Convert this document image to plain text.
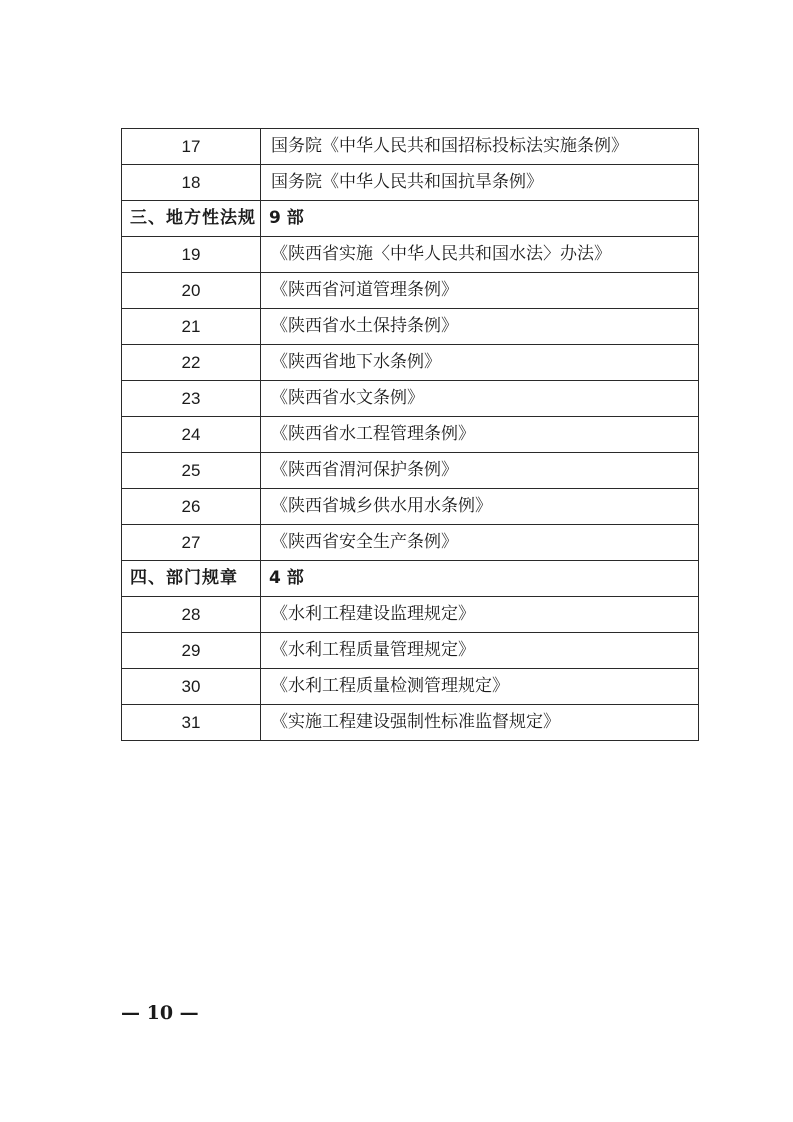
17	国务院《中华人民共和国招标投标法实施条例》
18	国务院《中华人民共和国抗旱条例》
三、地方性法规	9 部
19	《陕西省实施〈中华人民共和国水法〉办法》
20	《陕西省河道管理条例》
21	《陕西省水土保持条例》
22	《陕西省地下水条例》
23	《陕西省水文条例》
24	《陕西省水工程管理条例》
25	《陕西省渭河保护条例》
26	《陕西省城乡供水用水条例》
27	《陕西省安全生产条例》
四、部门规章	4 部
28	《水利工程建设监理规定》
29	《水利工程质量管理规定》
30	《水利工程质量检测管理规定》
31	《实施工程建设强制性标准监督规定》
— 10 —
